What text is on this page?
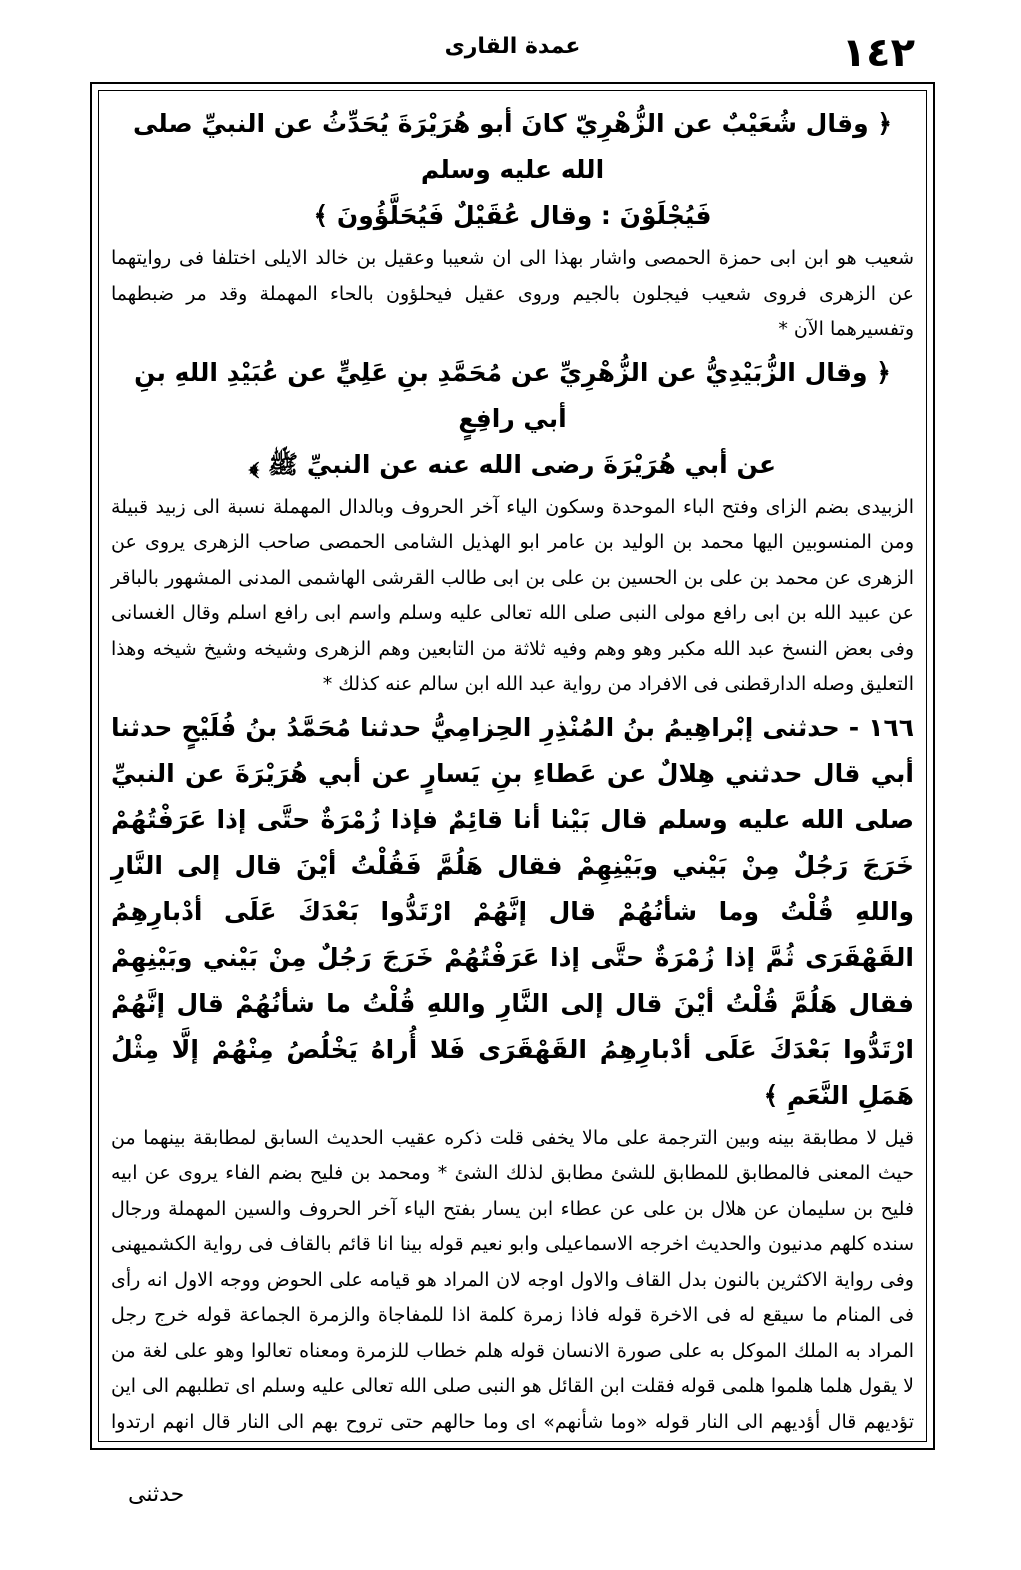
١٤٢
عمدة القارى
﴿ وقال شُعَيْبٌ عن الزُّهْرِيّ كانَ أبو هُرَيْرَةَ يُحَدِّثُ عن النبيِّ صلى الله عليه وسلم
فَيُجْلَوْنَ : وقال عُقَيْلٌ فَيُحَلَّؤُونَ ﴾
شعيب هو ابن ابى حمزة الحمصى واشار بهذا الى ان شعيبا وعقيل بن خالد الايلى اختلفا فى روايتهما عن الزهرى فروى شعيب فيجلون بالجيم وروى عقيل فيحلؤون بالحاء المهملة وقد مر ضبطهما وتفسيرهما الآن *
﴿ وقال الزُّبَيْدِيُّ عن الزُّهْرِيِّ عن مُحَمَّدِ بنِ عَلِيٍّ عن عُبَيْدِ اللهِ بنِ أبي رافِعٍ
عن أبي هُرَيْرَةَ رضى الله عنه عن النبيِّ ﷺ ﴾
الزبيدى بضم الزاى وفتح الباء الموحدة وسكون الياء آخر الحروف وبالدال المهملة نسبة الى زبيد قبيلة ومن المنسوبين اليها محمد بن الوليد بن عامر ابو الهذيل الشامى الحمصى صاحب الزهرى يروى عن الزهرى عن محمد بن على بن الحسين بن على بن ابى طالب القرشى الهاشمى المدنى المشهور بالباقر عن عبيد الله بن ابى رافع مولى النبى صلى الله تعالى عليه وسلم واسم ابى رافع اسلم وقال الغسانى وفى بعض النسخ عبد الله مكبر وهو وهم وفيه ثلاثة من التابعين وهم الزهرى وشيخه وشيخ شيخه وهذا التعليق وصله الدارقطنى فى الافراد من رواية عبد الله ابن سالم عنه كذلك *
١٦٦ - حدثنى إبْراهِيمُ بنُ المُنْذِرِ الحِزامِيُّ حدثنا مُحَمَّدُ بنُ فُلَيْحٍ حدثنا أبي قال حدثني هِلالٌ عن عَطاءِ بنِ يَسارٍ عن أبي هُرَيْرَةَ عن النبيِّ صلى الله عليه وسلم قال بَيْنا أنا قائِمٌ فإذا زُمْرَةٌ حتَّى إذا عَرَفْتُهُمْ خَرَجَ رَجُلٌ مِنْ بَيْني وبَيْنِهِمْ فقال هَلُمَّ فَقُلْتُ أيْنَ قال إلى النَّارِ واللهِ قُلْتُ وما شأنُهُمْ قال إنَّهُمْ ارْتَدُّوا بَعْدَكَ عَلَى أدْبارِهِمُ القَهْقَرَى ثُمَّ إذا زُمْرَةٌ حتَّى إذا عَرَفْتُهُمْ خَرَجَ رَجُلٌ مِنْ بَيْني وبَيْنِهِمْ فقال هَلُمَّ قُلْتُ أيْنَ قال إلى النَّارِ واللهِ قُلْتُ ما شأنُهُمْ قال إنَّهُمْ ارْتَدُّوا بَعْدَكَ عَلَى أدْبارِهِمُ القَهْقَرَى فَلا أُراهُ يَخْلُصُ مِنْهُمْ إلَّا مِثْلُ هَمَلِ النَّعَمِ ﴾
قيل لا مطابقة بينه وبين الترجمة على مالا يخفى قلت ذكره عقيب الحديث السابق لمطابقة بينهما من حيث المعنى فالمطابق للمطابق للشئ مطابق لذلك الشئ * ومحمد بن فليح بضم الفاء يروى عن ابيه فليح بن سليمان عن هلال بن على عن عطاء ابن يسار بفتح الياء آخر الحروف والسين المهملة ورجال سنده كلهم مدنيون والحديث اخرجه الاسماعيلى وابو نعيم قوله بينا انا قائم بالقاف فى رواية الكشميهنى وفى رواية الاكثرين بالنون بدل القاف والاول اوجه لان المراد هو قيامه على الحوض ووجه الاول انه رأى فى المنام ما سيقع له فى الاخرة قوله فاذا زمرة كلمة اذا للمفاجاة والزمرة الجماعة قوله خرج رجل المراد به الملك الموكل به على صورة الانسان قوله هلم خطاب للزمرة ومعناه تعالوا وهو على لغة من لا يقول هلما هلموا هلمى قوله فقلت ابن القائل هو النبى صلى الله تعالى عليه وسلم اى تطلبهم الى اين تؤديهم قال أؤديهم الى النار قوله «وما شأنهم» اى وما حالهم حتى تروح بهم الى النار قال انهم ارتدوا
حدثنى
